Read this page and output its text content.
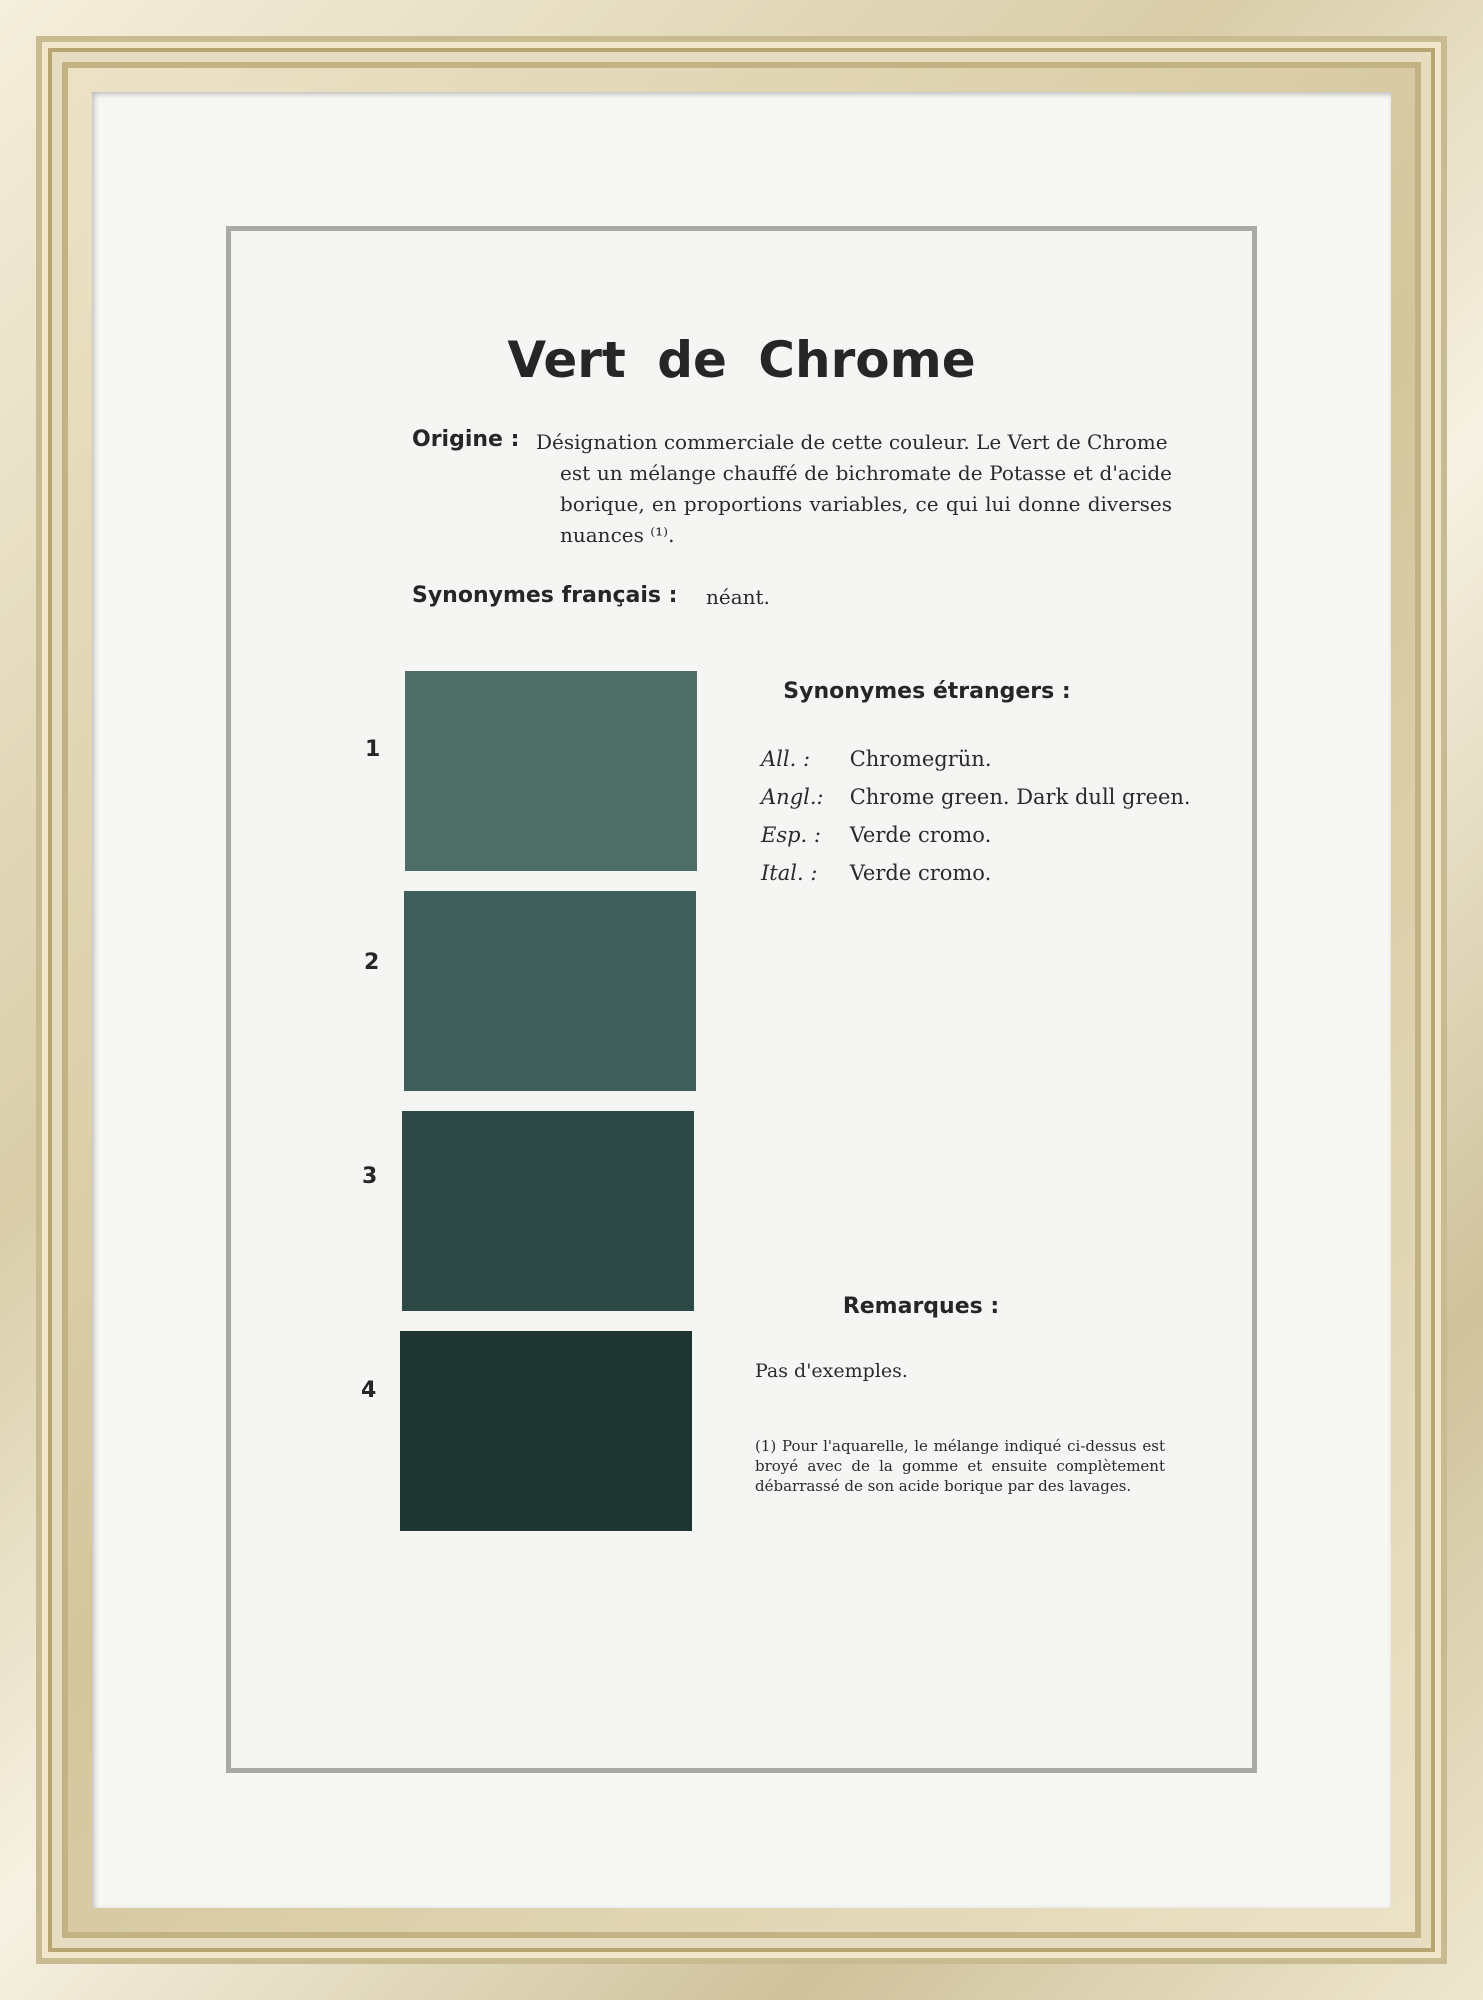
Vert de Chrome
Origine : Désignation commerciale de cette couleur. Le Vert de Chrome
est un mélange chauffé de bichromate de Potasse et d'acide borique, en proportions variables, ce qui lui donne diverses nuances ⁽¹⁾.
Synonymes français : néant.
1
2
3
4
Synonymes étrangers :
All. : Chromegrün.
Angl.: Chrome green. Dark dull green.
Esp. : Verde cromo.
Ital. : Verde cromo.
Remarques :
Pas d'exemples.
(1) Pour l'aquarelle, le mélange indiqué ci-dessus est broyé avec de la gomme et ensuite complètement débarrassé de son acide borique par des lavages.
